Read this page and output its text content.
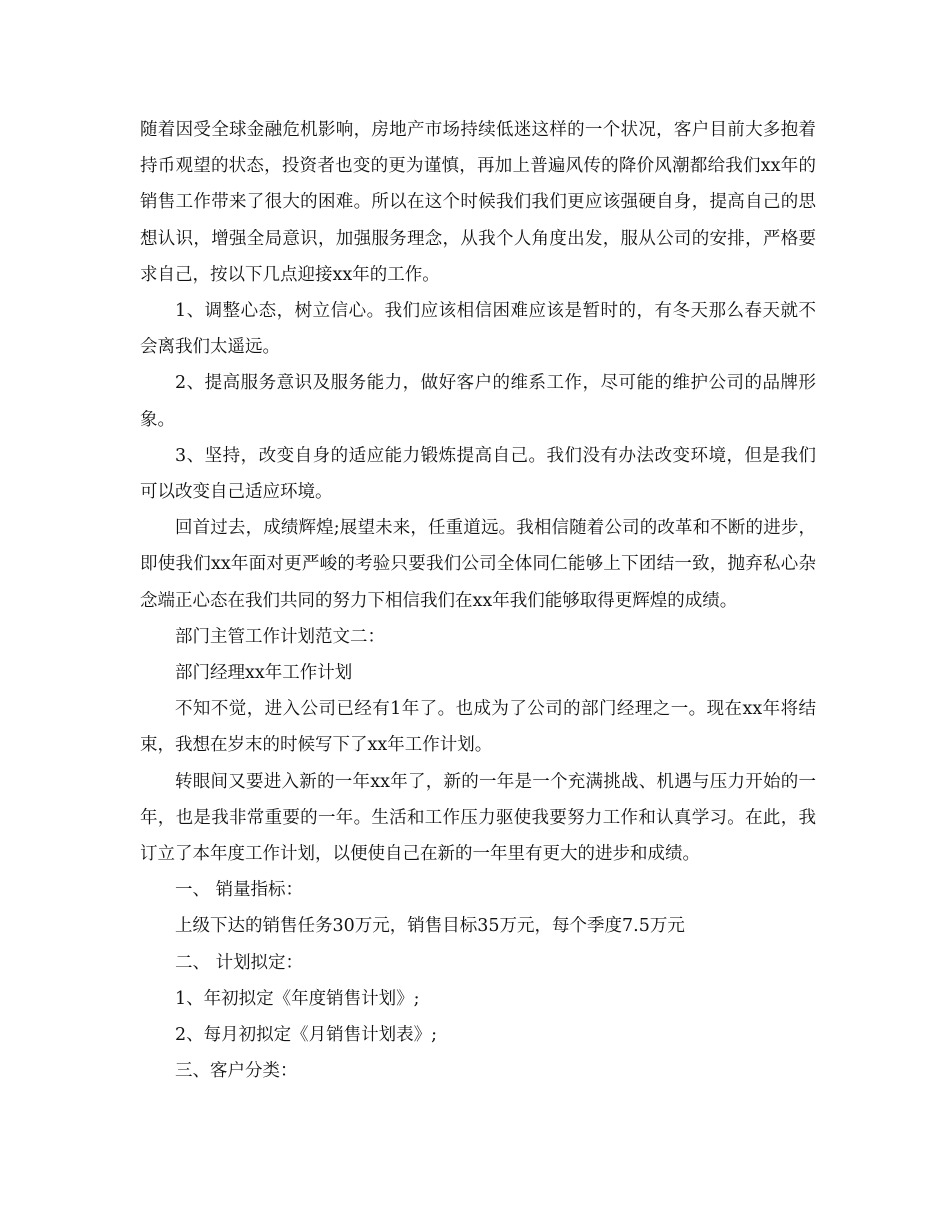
随着因受全球金融危机影响，房地产市场持续低迷这样的一个状况，客户目前大多抱着持币观望的状态，投资者也变的更为谨慎，再加上普遍风传的降价风潮都给我们xx年的销售工作带来了很大的困难。所以在这个时候我们我们更应该强硬自身，提高自己的思想认识，增强全局意识，加强服务理念，从我个人角度出发，服从公司的安排，严格要求自己，按以下几点迎接xx年的工作。

1、调整心态，树立信心。我们应该相信困难应该是暂时的，有冬天那么春天就不会离我们太遥远。

2、提高服务意识及服务能力，做好客户的维系工作，尽可能的维护公司的品牌形象。

3、坚持，改变自身的适应能力锻炼提高自己。我们没有办法改变环境，但是我们可以改变自己适应环境。

回首过去，成绩辉煌;展望未来，任重道远。我相信随着公司的改革和不断的进步，即使我们xx年面对更严峻的考验只要我们公司全体同仁能够上下团结一致，抛弃私心杂念端正心态在我们共同的努力下相信我们在xx年我们能够取得更辉煌的成绩。

部门主管工作计划范文二：

部门经理xx年工作计划

不知不觉，进入公司已经有1年了。也成为了公司的部门经理之一。现在xx年将结束，我想在岁末的时候写下了xx年工作计划。

转眼间又要进入新的一年xx年了，新的一年是一个充满挑战、机遇与压力开始的一年，也是我非常重要的一年。生活和工作压力驱使我要努力工作和认真学习。在此，我订立了本年度工作计划，以便使自己在新的一年里有更大的进步和成绩。

一、 销量指标：

上级下达的销售任务30万元，销售目标35万元，每个季度7.5万元

二、 计划拟定：

1、年初拟定《年度销售计划》;

2、每月初拟定《月销售计划表》;

三、客户分类：
